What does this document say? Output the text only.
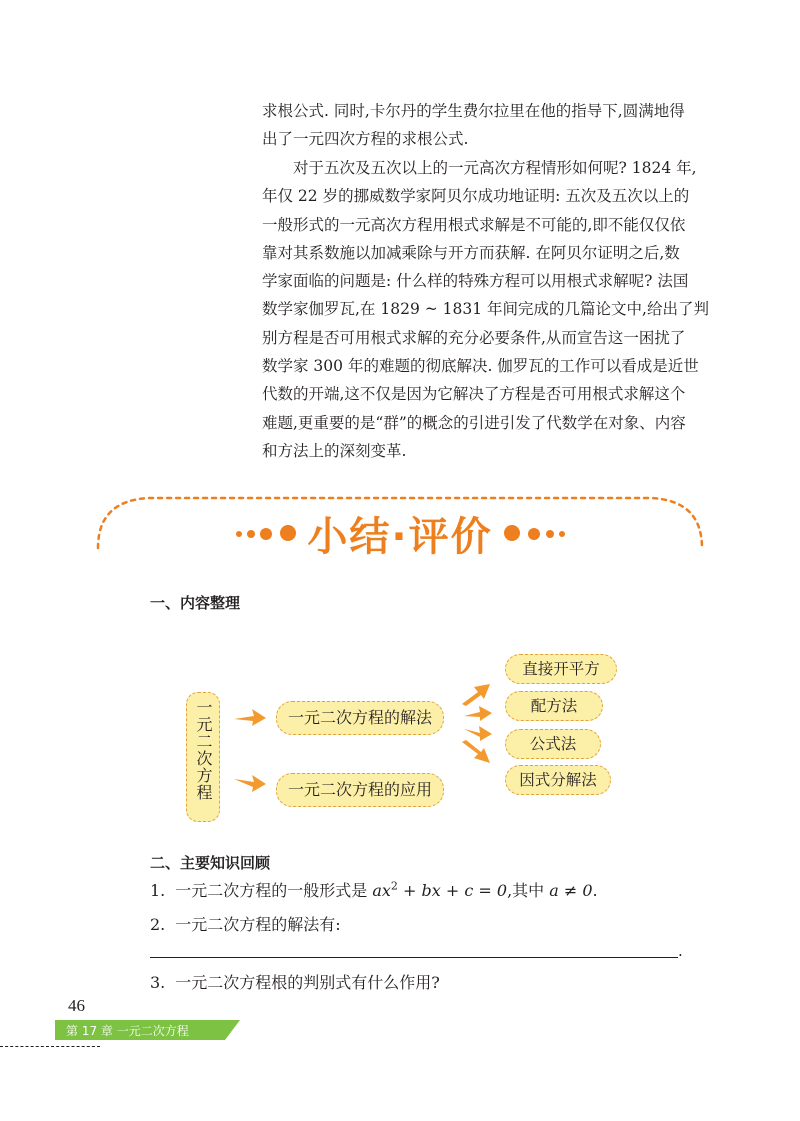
求根公式. 同时,卡尔丹的学生费尔拉里在他的指导下,圆满地得
出了一元四次方程的求根公式.
对于五次及五次以上的一元高次方程情形如何呢? 1824 年,
年仅 22 岁的挪威数学家阿贝尔成功地证明: 五次及五次以上的
一般形式的一元高次方程用根式求解是不可能的,即不能仅仅依
靠对其系数施以加减乘除与开方而获解. 在阿贝尔证明之后,数
学家面临的问题是: 什么样的特殊方程可以用根式求解呢? 法国
数学家伽罗瓦,在 1829 ~ 1831 年间完成的几篇论文中,给出了判
别方程是否可用根式求解的充分必要条件,从而宣告这一困扰了
数学家 300 年的难题的彻底解决. 伽罗瓦的工作可以看成是近世
代数的开端,这不仅是因为它解决了方程是否可用根式求解这个
难题,更重要的是“群”的概念的引进引发了代数学在对象、内容
和方法上的深刻变革.
小结·评价
一、内容整理
一元二次方程	一元二次方程的解法
一元二次方程的应用
直接开平方
配方法
公式法
因式分解法
二、主要知识回顾
1. 一元二次方程的一般形式是 $ax^2$ + bx + c = 0,其中 a ≠ 0.
2. 一元二次方程的解法有:
.
3. 一元二次方程根的判别式有什么作用?
46
第 17 章 一元二次方程
